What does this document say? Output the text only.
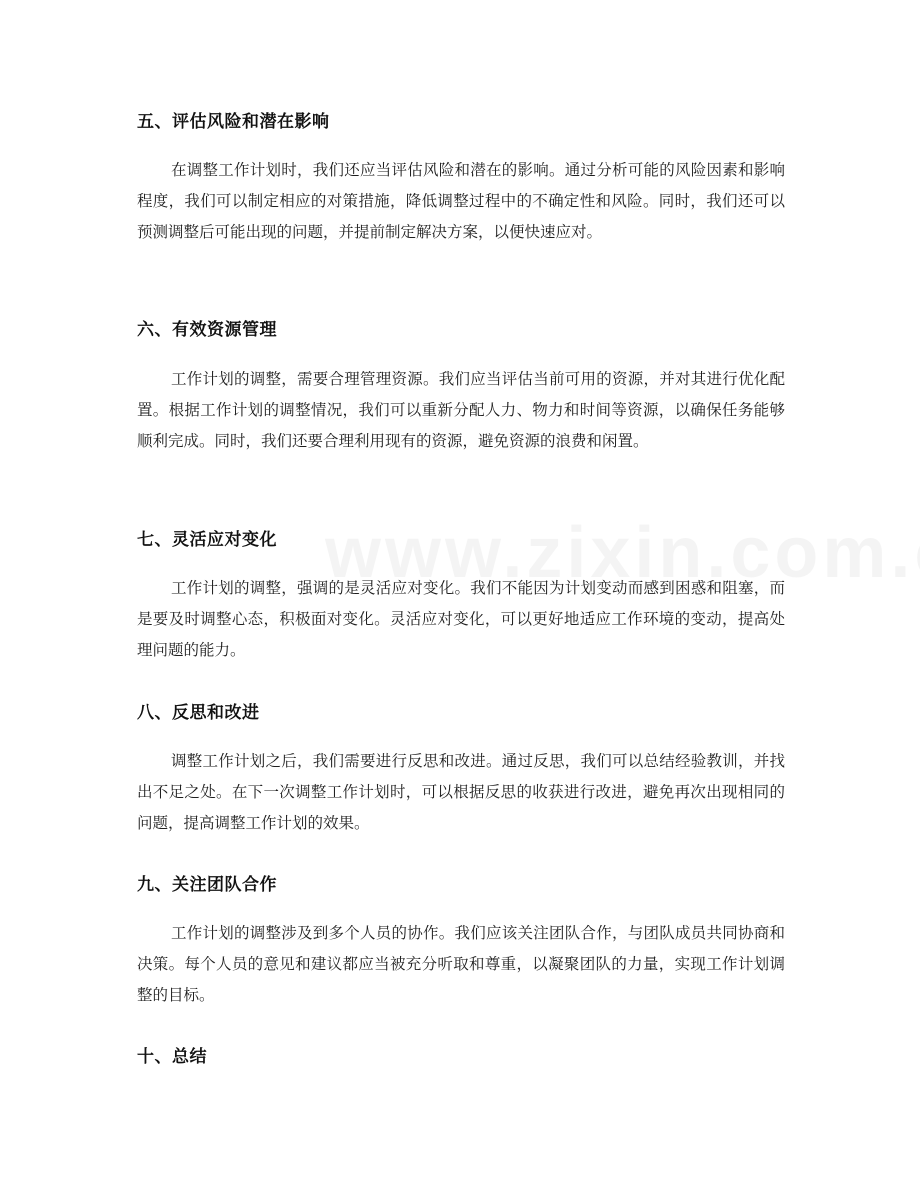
五、评估风险和潜在影响

在调整工作计划时，我们还应当评估风险和潜在的影响。通过分析可能的风险因素和影响程度，我们可以制定相应的对策措施，降低调整过程中的不确定性和风险。同时，我们还可以预测调整后可能出现的问题，并提前制定解决方案，以便快速应对。

六、有效资源管理

工作计划的调整，需要合理管理资源。我们应当评估当前可用的资源，并对其进行优化配置。根据工作计划的调整情况，我们可以重新分配人力、物力和时间等资源，以确保任务能够顺利完成。同时，我们还要合理利用现有的资源，避免资源的浪费和闲置。

七、灵活应对变化

工作计划的调整，强调的是灵活应对变化。我们不能因为计划变动而感到困惑和阻塞，而是要及时调整心态，积极面对变化。灵活应对变化，可以更好地适应工作环境的变动，提高处理问题的能力。

八、反思和改进

调整工作计划之后，我们需要进行反思和改进。通过反思，我们可以总结经验教训，并找出不足之处。在下一次调整工作计划时，可以根据反思的收获进行改进，避免再次出现相同的问题，提高调整工作计划的效果。

九、关注团队合作

工作计划的调整涉及到多个人员的协作。我们应该关注团队合作，与团队成员共同协商和决策。每个人员的意见和建议都应当被充分听取和尊重，以凝聚团队的力量，实现工作计划调整的目标。

十、总结
